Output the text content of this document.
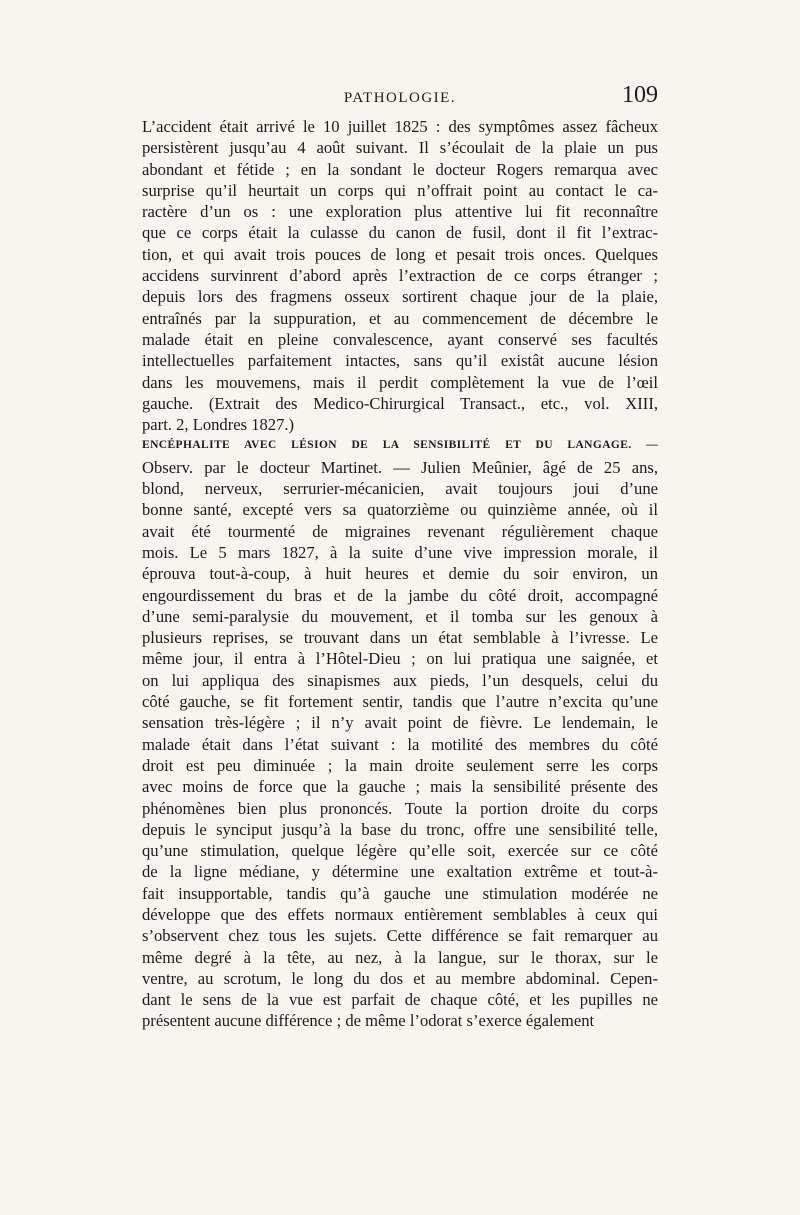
PATHOLOGIE.	109
L’accident était arrivé le 10 juillet 1825 : des symptômes assez fâcheux
persistèrent jusqu’au 4 août suivant. Il s’écoulait de la plaie un pus
abondant et fétide ; en la sondant le docteur Rogers remarqua avec
surprise qu’il heurtait un corps qui n’offrait point au contact le ca-
ractère d’un os : une exploration plus attentive lui fit reconnaître
que ce corps était la culasse du canon de fusil, dont il fit l’extrac-
tion, et qui avait trois pouces de long et pesait trois onces. Quelques
accidens survinrent d’abord après l’extraction de ce corps étranger ;
depuis lors des fragmens osseux sortirent chaque jour de la plaie,
entraînés par la suppuration, et au commencement de décembre le
malade était en pleine convalescence, ayant conservé ses facultés
intellectuelles parfaitement intactes, sans qu’il existât aucune lésion
dans les mouvemens, mais il perdit complètement la vue de l’œil
gauche. (Extrait des Medico-Chirurgical Transact., etc., vol. XIII,
part. 2, Londres 1827.)
ENCÉPHALITE AVEC LÉSION DE LA SENSIBILITÉ ET DU LANGAGE. —
Observ. par le docteur Martinet. — Julien Meûnier, âgé de 25 ans,
blond, nerveux, serrurier-mécanicien, avait toujours joui d’une
bonne santé, excepté vers sa quatorzième ou quinzième année, où il
avait été tourmenté de migraines revenant régulièrement chaque
mois. Le 5 mars 1827, à la suite d’une vive impression morale, il
éprouva tout-à-coup, à huit heures et demie du soir environ, un
engourdissement du bras et de la jambe du côté droit, accompagné
d’une semi-paralysie du mouvement, et il tomba sur les genoux à
plusieurs reprises, se trouvant dans un état semblable à l’ivresse. Le
même jour, il entra à l’Hôtel-Dieu ; on lui pratiqua une saignée, et
on lui appliqua des sinapismes aux pieds, l’un desquels, celui du
côté gauche, se fit fortement sentir, tandis que l’autre n’excita qu’une
sensation très-légère ; il n’y avait point de fièvre. Le lendemain, le
malade était dans l’état suivant : la motilité des membres du côté
droit est peu diminuée ; la main droite seulement serre les corps
avec moins de force que la gauche ; mais la sensibilité présente des
phénomènes bien plus prononcés. Toute la portion droite du corps
depuis le synciput jusqu’à la base du tronc, offre une sensibilité telle,
qu’une stimulation, quelque légère qu’elle soit, exercée sur ce côté
de la ligne médiane, y détermine une exaltation extrême et tout-à-
fait insupportable, tandis qu’à gauche une stimulation modérée ne
développe que des effets normaux entièrement semblables à ceux qui
s’observent chez tous les sujets. Cette différence se fait remarquer au
même degré à la tête, au nez, à la langue, sur le thorax, sur le
ventre, au scrotum, le long du dos et au membre abdominal. Cepen-
dant le sens de la vue est parfait de chaque côté, et les pupilles ne
présentent aucune différence ; de même l’odorat s’exerce également
